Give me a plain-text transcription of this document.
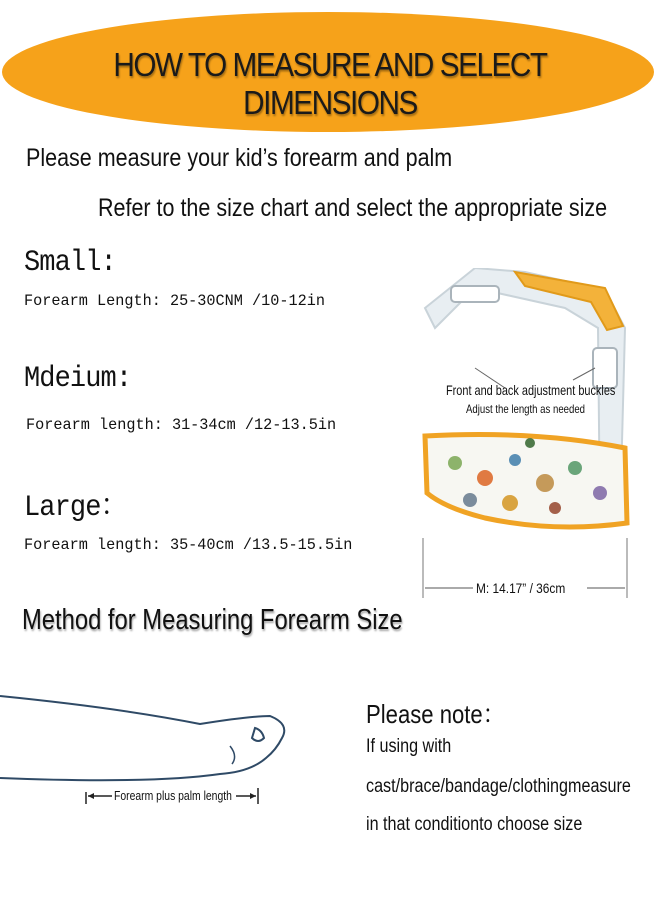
HOW TO MEASURE AND SELECT DIMENSIONS
Please measure your kid’s forearm and palm
Refer to the size chart and select the appropriate size
Small:
Forearm Length: 25-30CNM /10-12in
Mdeium:
Forearm length: 31-34cm /12-13.5in
Large：
Forearm length: 35-40cm /13.5-15.5in
Front and back adjustment buckles
Adjust the length as needed
M: 14.17” / 36cm
Method for Measuring Forearm Size
Forearm plus palm length
Please note：
If using with
cast/brace/bandage/clothingmeasure
in that conditionto choose size
